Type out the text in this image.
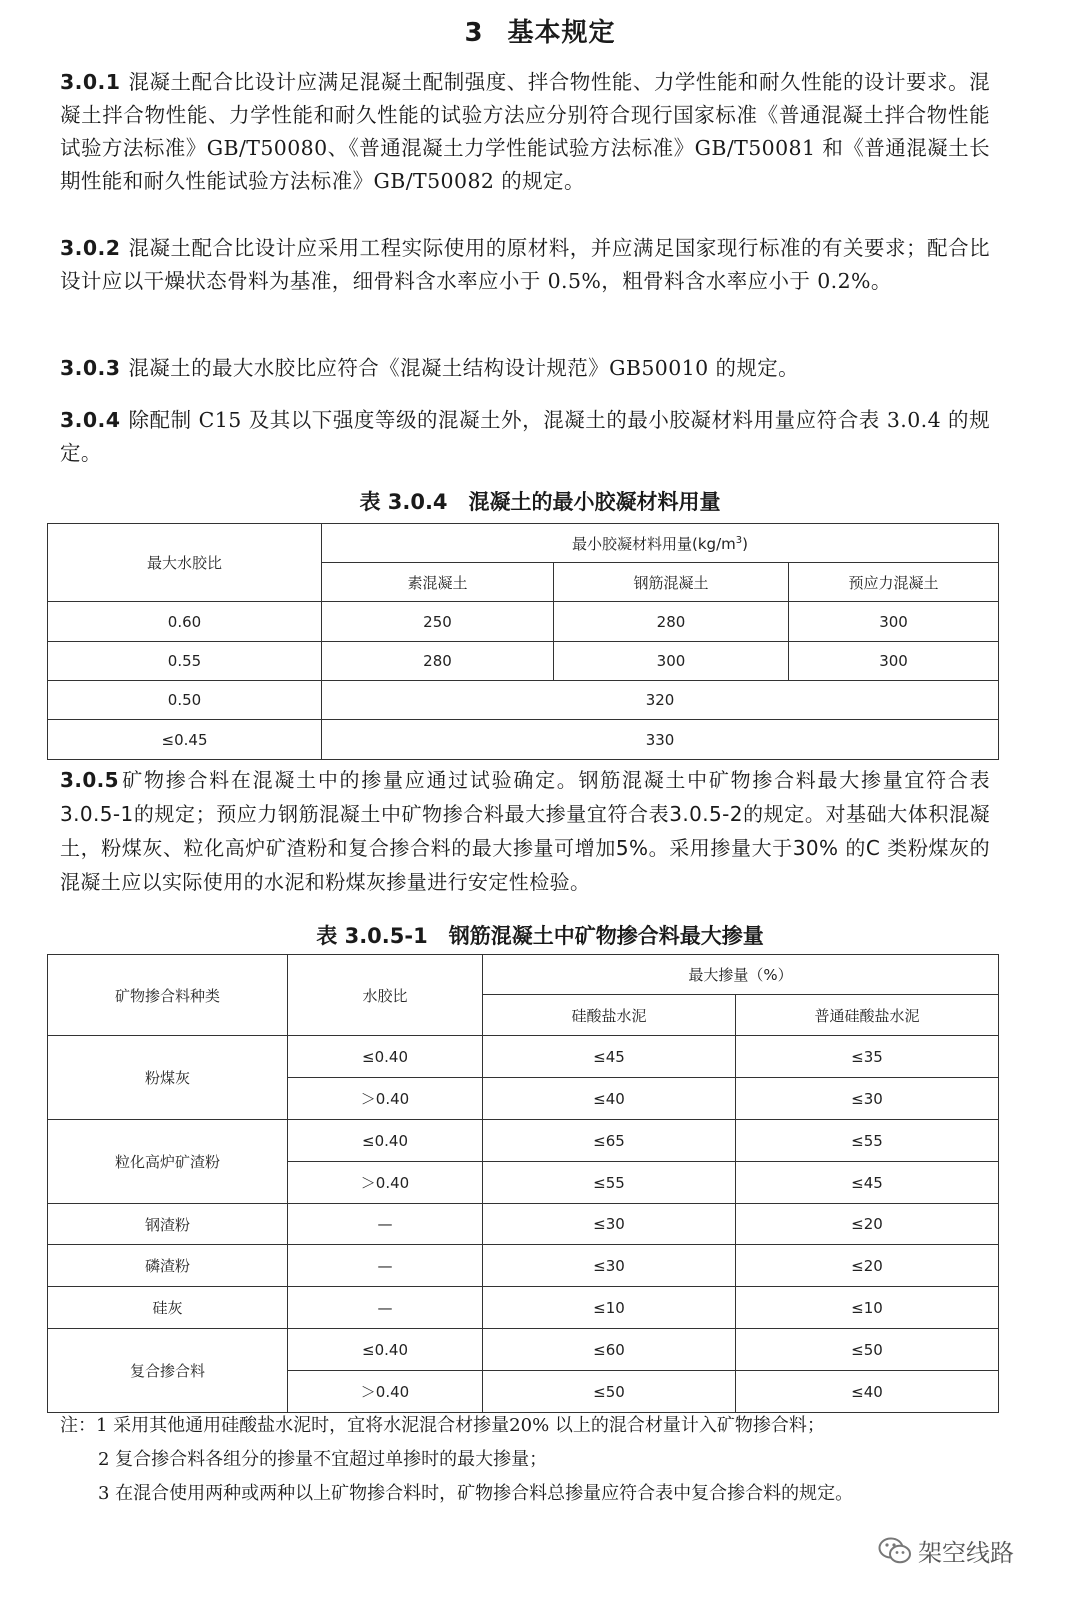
3 基本规定

3.0.1 混凝土配合比设计应满足混凝土配制强度、拌合物性能、力学性能和耐久性能的设计要求。混凝土拌合物性能、力学性能和耐久性能的试验方法应分别符合现行国家标准《普通混凝土拌合物性能试验方法标准》GB/T50080、《普通混凝土力学性能试验方法标准》GB/T50081 和《普通混凝土长期性能和耐久性能试验方法标准》GB/T50082 的规定。

3.0.2 混凝土配合比设计应采用工程实际使用的原材料，并应满足国家现行标准的有关要求；配合比设计应以干燥状态骨料为基准，细骨料含水率应小于 0.5%，粗骨料含水率应小于 0.2%。

3.0.3 混凝土的最大水胶比应符合《混凝土结构设计规范》GB50010 的规定。

3.0.4 除配制 C15 及其以下强度等级的混凝土外，混凝土的最小胶凝材料用量应符合表 3.0.4 的规定。

表 3.0.4　混凝土的最小胶凝材料用量
最大水胶比	最小胶凝材料用量$(kg/m^3)$		
	素混凝土	钢筋混凝土	预应力混凝土
0.60	250	280	300
0.55	280	300	300
0.50	320		
≤0.45	330		

3.0.5 矿物掺合料在混凝土中的掺量应通过试验确定。钢筋混凝土中矿物掺合料最大掺量宜符合表3.0.5-1的规定；预应力钢筋混凝土中矿物掺合料最大掺量宜符合表3.0.5-2的规定。对基础大体积混凝土，粉煤灰、粒化高炉矿渣粉和复合掺合料的最大掺量可增加5%。采用掺量大于30% 的C 类粉煤灰的混凝土应以实际使用的水泥和粉煤灰掺量进行安定性检验。

表 3.0.5-1　钢筋混凝土中矿物掺合料最大掺量
矿物掺合料种类	水胶比	最大掺量（%）	
		硅酸盐水泥	普通硅酸盐水泥
粉煤灰	≤0.40	≤45	≤35
	＞0.40	≤40	≤30
粒化高炉矿渣粉	≤0.40	≤65	≤55
	＞0.40	≤55	≤45
钢渣粉	—	≤30	≤20
磷渣粉	—	≤30	≤20
硅灰	—	≤10	≤10
复合掺合料	≤0.40	≤60	≤50
	＞0.40	≤50	≤40
注：1 采用其他通用硅酸盐水泥时，宜将水泥混合材掺量20% 以上的混合材量计入矿物掺合料；
2 复合掺合料各组分的掺量不宜超过单掺时的最大掺量；
3 在混合使用两种或两种以上矿物掺合料时，矿物掺合料总掺量应符合表中复合掺合料的规定。
架空线路
